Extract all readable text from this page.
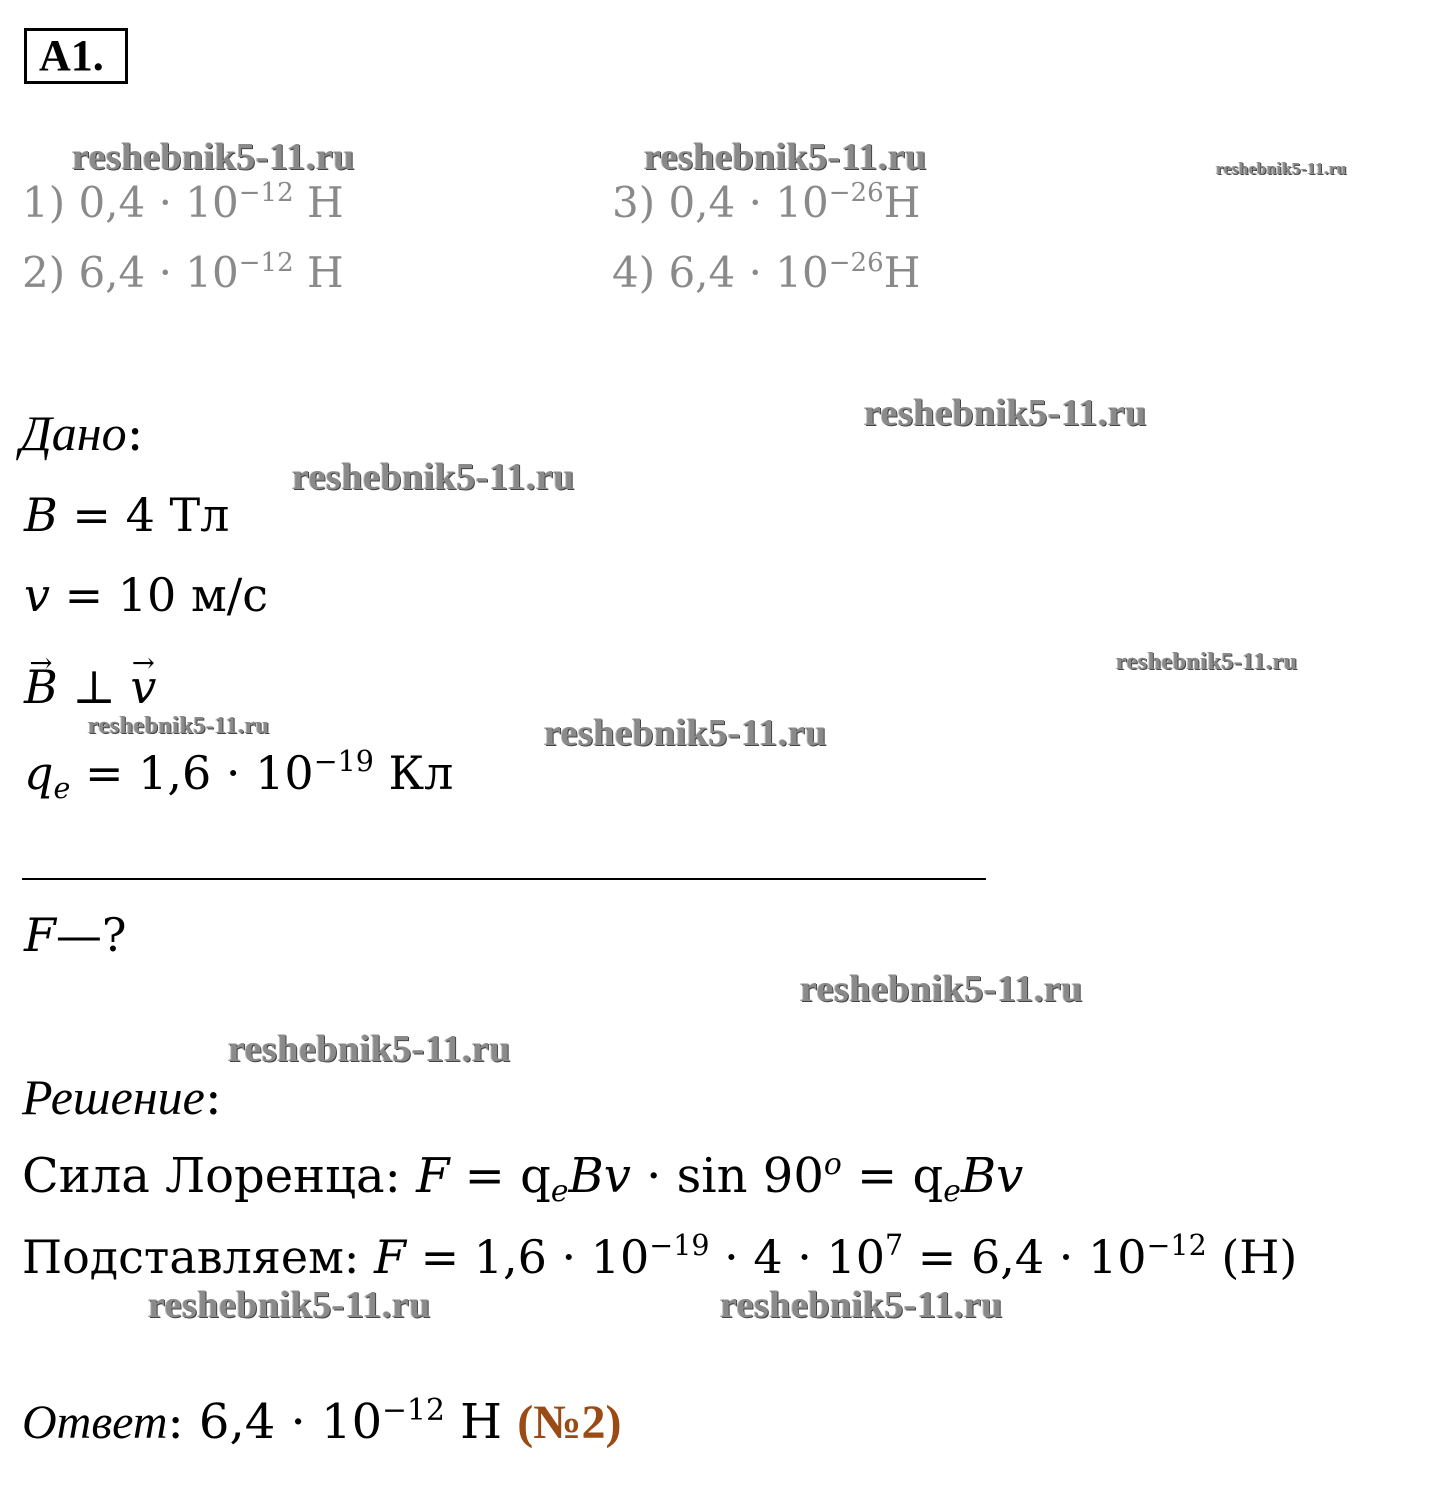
А1.
reshebnik5-11.ru	reshebnik5-11.ru	reshebnik5-11.ru
reshebnik5-11.ru
reshebnik5-11.ru
reshebnik5-11.ru
reshebnik5-11.ru	reshebnik5-11.ru
reshebnik5-11.ru
reshebnik5-11.ru
reshebnik5-11.ru	reshebnik5-11.ru
1) $0,4 \cdot 10^{-12}$ Н
2) $6,4 \cdot 10^{-12}$ Н
3) $0,4 \cdot 10^{-26}Н$
4) $6,4 \cdot 10^{-26}Н$
Дано:
B = 4 Тл
v = 10 м/с
→ B ⊥ → v
$q_e = 1,6 \cdot 10^{-19}$ Кл
F—?
Решение:
Сила Лоренца: $F = q_eBv \cdot \sin 90^o = q_eBv$
Подставляем: $F = 1,6 \cdot 10^{-19} \cdot 4 \cdot 10^7 = 6,4 \cdot 10^{-12}$ (Н)
Ответ: $6,4 \cdot 10^{-12}$ Н (№2)
